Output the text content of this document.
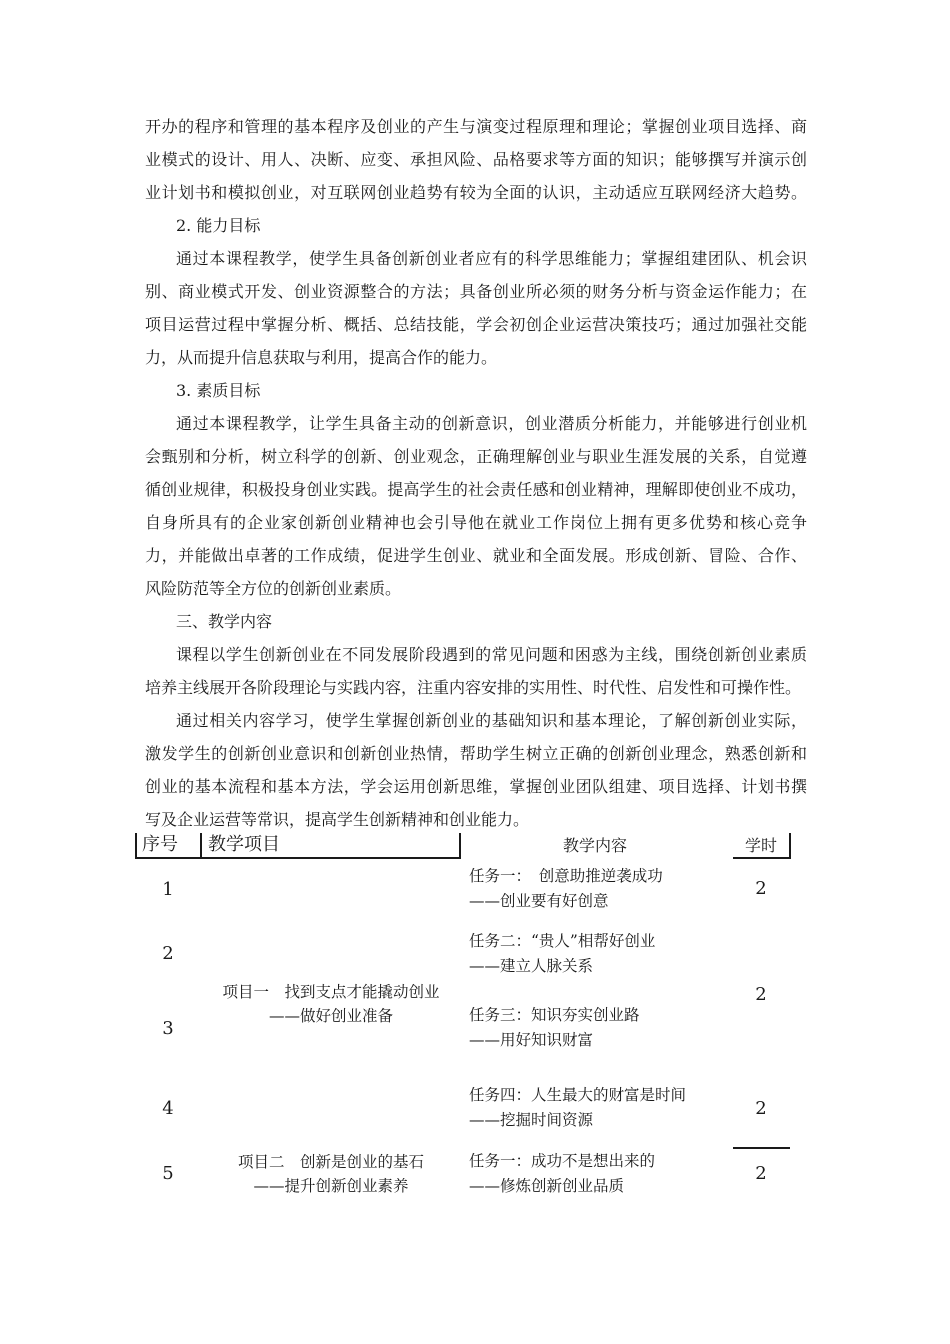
开办的程序和管理的基本程序及创业的产生与演变过程原理和理论；掌握创业项目选择、商
业模式的设计、用人、决断、应变、承担风险、品格要求等方面的知识；能够撰写并演示创
业计划书和模拟创业，对互联网创业趋势有较为全面的认识，主动适应互联网经济大趋势。
2. 能力目标
通过本课程教学，使学生具备创新创业者应有的科学思维能力；掌握组建团队、机会识
别、商业模式开发、创业资源整合的方法；具备创业所必须的财务分析与资金运作能力；在
项目运营过程中掌握分析、概括、总结技能，学会初创企业运营决策技巧；通过加强社交能
力，从而提升信息获取与利用，提高合作的能力。
3. 素质目标
通过本课程教学，让学生具备主动的创新意识，创业潜质分析能力，并能够进行创业机
会甄别和分析，树立科学的创新、创业观念，正确理解创业与职业生涯发展的关系，自觉遵
循创业规律，积极投身创业实践。提高学生的社会责任感和创业精神，理解即使创业不成功，
自身所具有的企业家创新创业精神也会引导他在就业工作岗位上拥有更多优势和核心竞争
力，并能做出卓著的工作成绩，促进学生创业、就业和全面发展。形成创新、冒险、合作、
风险防范等全方位的创新创业素质。
三、教学内容
课程以学生创新创业在不同发展阶段遇到的常见问题和困惑为主线，围绕创新创业素质
培养主线展开各阶段理论与实践内容，注重内容安排的实用性、时代性、启发性和可操作性。
通过相关内容学习，使学生掌握创新创业的基础知识和基本理论，了解创新创业实际，
激发学生的创新创业意识和创新创业热情，帮助学生树立正确的创新创业理念，熟悉创新和
创业的基本流程和基本方法，学会运用创新思维，掌握创业团队组建、项目选择、计划书撰
写及企业运营等常识，提高学生创新精神和创业能力。
序号 教学项目	教学内容	学时
1
2
3
4
5
项目一　找到支点才能撬动创业
——做好创业准备
项目二　创新是创业的基石
——提升创新创业素养
任务一：　创意助推逆袭成功
——创业要有好创意
任务二：“贵人”相帮好创业
——建立人脉关系
任务三：知识夯实创业路
——用好知识财富
任务四：人生最大的财富是时间
——挖掘时间资源
任务一：成功不是想出来的
——修炼创新创业品质
2
2
2
2
